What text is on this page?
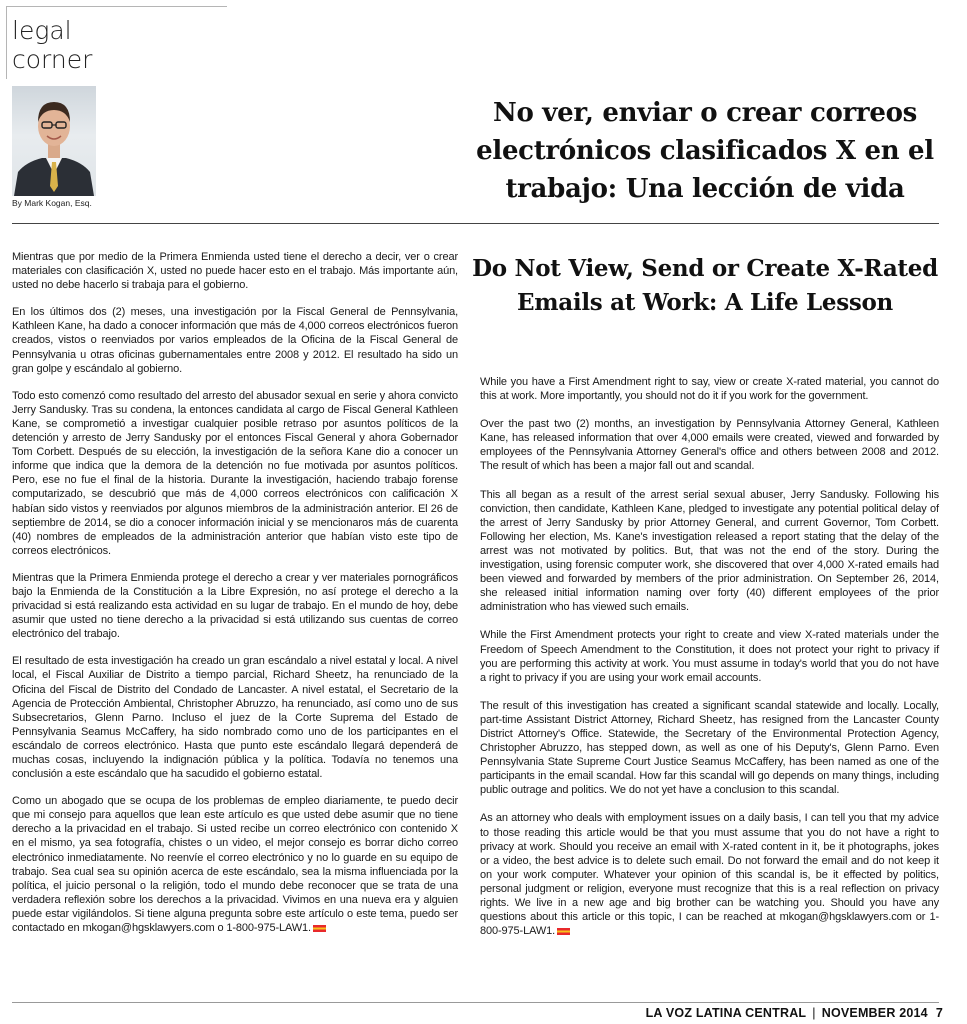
legal
corner
By Mark Kogan, Esq.
No ver, enviar o crear correos electrónicos clasificados X en el trabajo: Una lección de vida
Do Not View, Send or Create X-Rated Emails at Work: A Life Lesson

Mientras que por medio de la Primera Enmienda usted tiene el derecho a decir, ver o crear materiales con clasificación X, usted no puede hacer esto en el trabajo. Más importante aún, usted no debe hacerlo si trabaja para el gobierno.

En los últimos dos (2) meses, una investigación por la Fiscal General de Pennsylvania, Kathleen Kane, ha dado a conocer información que más de 4,000 correos electrónicos fueron creados, vistos o reenviados por varios empleados de la Oficina de la Fiscal General de Pennsylvania u otras oficinas gubernamentales entre 2008 y 2012. El resultado ha sido un gran golpe y escándalo al gobierno.

Todo esto comenzó como resultado del arresto del abusador sexual en serie y ahora convicto Jerry Sandusky. Tras su condena, la entonces candidata al cargo de Fiscal General Kathleen Kane, se comprometió a investigar cualquier posible retraso por asuntos políticos de la detención y arresto de Jerry Sandusky por el entonces Fiscal General y ahora Gobernador Tom Corbett. Después de su elección, la investigación de la señora Kane dio a conocer un informe que indica que la demora de la detención no fue motivada por asuntos políticos. Pero, ese no fue el final de la historia. Durante la investigación, haciendo trabajo forense computarizado, se descubrió que más de 4,000 correos electrónicos con calificación X habían sido vistos y reenviados por algunos miembros de la administración anterior. El 26 de septiembre de 2014, se dio a conocer información inicial y se mencionaros más de cuarenta (40) nombres de empleados de la administración anterior que habían visto este tipo de correos electrónicos.

Mientras que la Primera Enmienda protege el derecho a crear y ver materiales pornográficos bajo la Enmienda de la Constitución a la Libre Expresión, no así protege el derecho a la privacidad si está realizando esta actividad en su lugar de trabajo. En el mundo de hoy, debe asumir que usted no tiene derecho a la privacidad si está utilizando sus cuentas de correo electrónico del trabajo.

El resultado de esta investigación ha creado un gran escándalo a nivel estatal y local. A nivel local, el Fiscal Auxiliar de Distrito a tiempo parcial, Richard Sheetz, ha renunciado de la Oficina del Fiscal de Distrito del Condado de Lancaster. A nivel estatal, el Secretario de la Agencia de Protección Ambiental, Christopher Abruzzo, ha renunciado, así como uno de sus Subsecretarios, Glenn Parno. Incluso el juez de la Corte Suprema del Estado de Pennsylvania Seamus McCaffery, ha sido nombrado como uno de los participantes en el escándalo de correos electrónico. Hasta que punto este escándalo llegará dependerá de muchas cosas, incluyendo la indignación pública y la política. Todavía no tenemos una conclusión a este escándalo que ha sacudido el gobierno estatal.

Como un abogado que se ocupa de los problemas de empleo diariamente, te puedo decir que mi consejo para aquellos que lean este artículo es que usted debe asumir que no tiene derecho a la privacidad en el trabajo. Si usted recibe un correo electrónico con contenido X en el mismo, ya sea fotografía, chistes o un video, el mejor consejo es borrar dicho correo electrónico inmediatamente. No reenvíe el correo electrónico y no lo guarde en su equipo de trabajo. Sea cual sea su opinión acerca de este escándalo, sea la misma influenciada por la política, el juicio personal o la religión, todo el mundo debe reconocer que se trata de una verdadera reflexión sobre los derechos a la privacidad. Vivimos en una nueva era y alguien puede estar vigilándolos. Si tiene alguna pregunta sobre este artículo o este tema, puedo ser contactado en mkogan@hgsklawyers.com o 1-800-975-LAW1.

While you have a First Amendment right to say, view or create X-rated material, you cannot do this at work. More importantly, you should not do it if you work for the government.

Over the past two (2) months, an investigation by Pennsylvania Attorney General, Kathleen Kane, has released information that over 4,000 emails were created, viewed and forwarded by employees of the Pennsylvania Attorney General's office and others between 2008 and 2012. The result of which has been a major fall out and scandal.

This all began as a result of the arrest serial sexual abuser, Jerry Sandusky. Following his conviction, then candidate, Kathleen Kane, pledged to investigate any potential political delay of the arrest of Jerry Sandusky by prior Attorney General, and current Governor, Tom Corbett. Following her election, Ms. Kane's investigation released a report stating that the delay of the arrest was not motivated by politics. But, that was not the end of the story. During the investigation, using forensic computer work, she discovered that over 4,000 X-rated emails had been viewed and forwarded by members of the prior administration. On September 26, 2014, she released initial information naming over forty (40) different employees of the prior administration who has viewed such emails.

While the First Amendment protects your right to create and view X-rated materials under the Freedom of Speech Amendment to the Constitution, it does not protect your right to privacy if you are performing this activity at work. You must assume in today's world that you do not have a right to privacy if you are using your work email accounts.

The result of this investigation has created a significant scandal statewide and locally. Locally, part-time Assistant District Attorney, Richard Sheetz, has resigned from the Lancaster County District Attorney's Office. Statewide, the Secretary of the Environmental Protection Agency, Christopher Abruzzo, has stepped down, as well as one of his Deputy's, Glenn Parno. Even Pennsylvania State Supreme Court Justice Seamus McCaffery, has been named as one of the participants in the email scandal. How far this scandal will go depends on many things, including public outrage and politics. We do not yet have a conclusion to this scandal.

As an attorney who deals with employment issues on a daily basis, I can tell you that my advice to those reading this article would be that you must assume that you do not have a right to privacy at work. Should you receive an email with X-rated content in it, be it photographs, jokes or a video, the best advice is to delete such email. Do not forward the email and do not keep it on your work computer. Whatever your opinion of this scandal is, be it effected by politics, personal judgment or religion, everyone must recognize that this is a real reflection on privacy rights. We live in a new age and big brother can be watching you. Should you have any questions about this article or this topic, I can be reached at mkogan@hgsklawyers.com or 1-800-975-LAW1.

LA VOZ LATINA CENTRAL | NOVEMBER 2014 7
